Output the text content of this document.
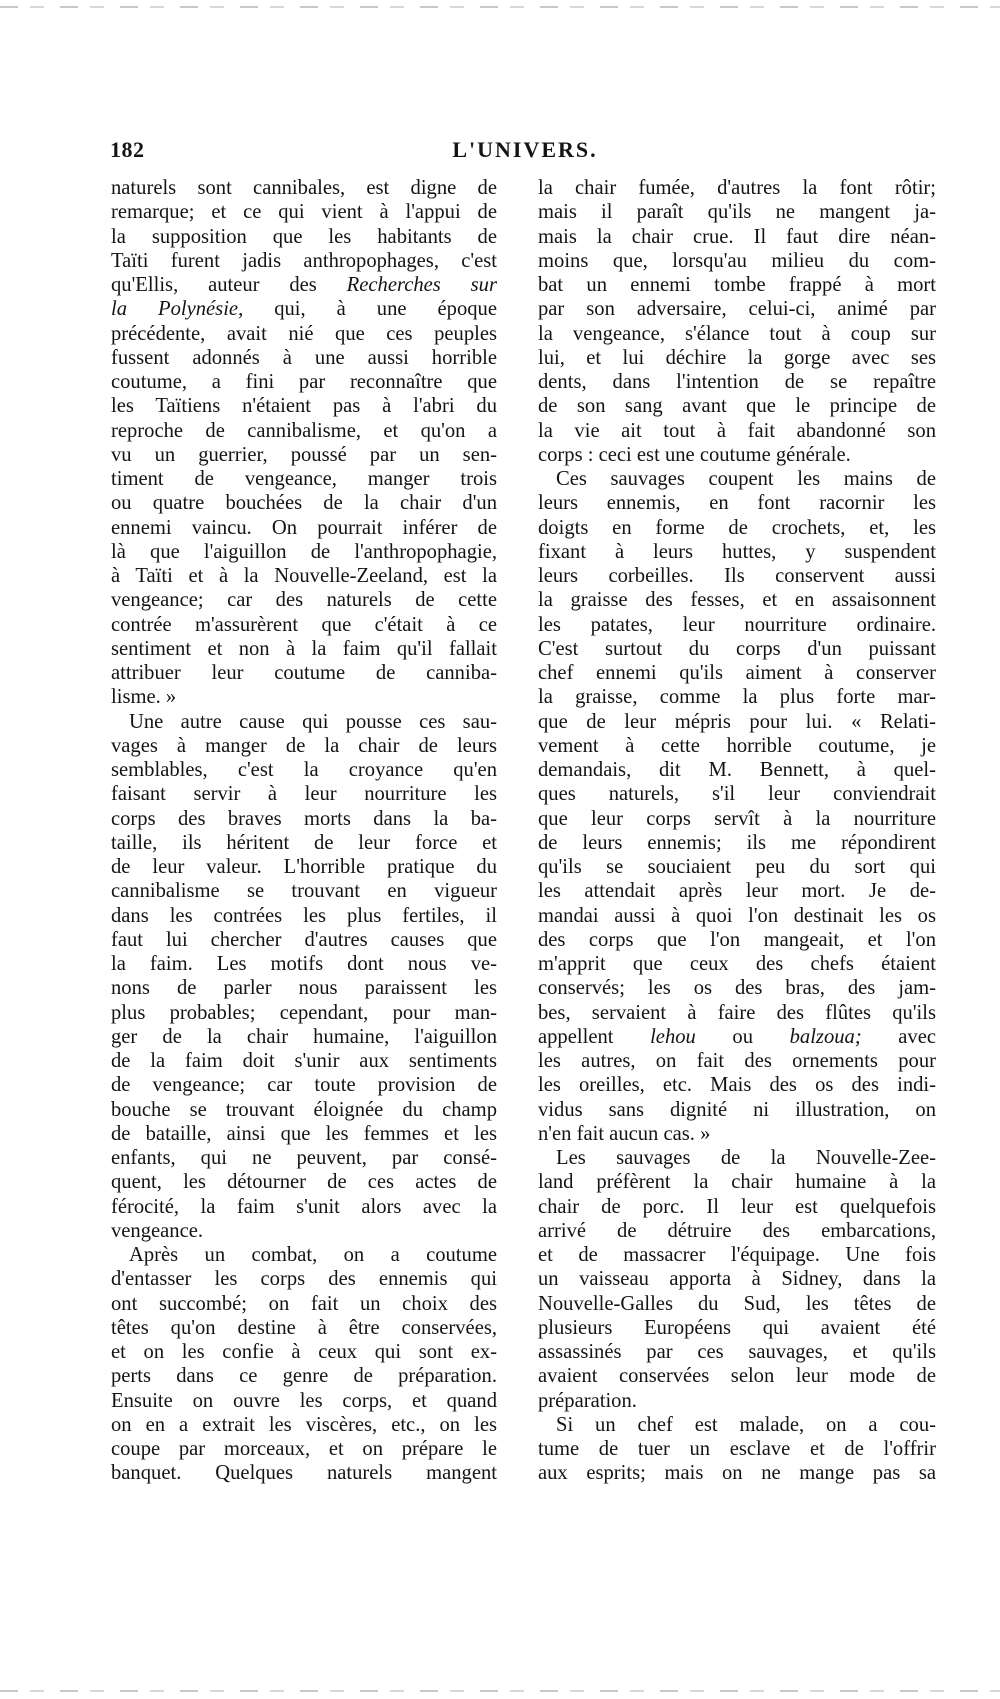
182	L'UNIVERS.
naturels sont cannibales, est digne de
remarque; et ce qui vient à l'appui de
la supposition que les habitants de
Taïti furent jadis anthropophages, c'est
qu'Ellis, auteur des Recherches sur
la Polynésie, qui, à une époque
précédente, avait nié que ces peuples
fussent adonnés à une aussi horrible
coutume, a fini par reconnaître que
les Taïtiens n'étaient pas à l'abri du
reproche de cannibalisme, et qu'on a
vu un guerrier, poussé par un sen-
timent de vengeance, manger trois
ou quatre bouchées de la chair d'un
ennemi vaincu. On pourrait inférer de
là que l'aiguillon de l'anthropophagie,
à Taïti et à la Nouvelle-Zeeland, est la
vengeance; car des naturels de cette
contrée m'assurèrent que c'était à ce
sentiment et non à la faim qu'il fallait
attribuer leur coutume de canniba-
lisme. »
Une autre cause qui pousse ces sau-
vages à manger de la chair de leurs
semblables, c'est la croyance qu'en
faisant servir à leur nourriture les
corps des braves morts dans la ba-
taille, ils héritent de leur force et
de leur valeur. L'horrible pratique du
cannibalisme se trouvant en vigueur
dans les contrées les plus fertiles, il
faut lui chercher d'autres causes que
la faim. Les motifs dont nous ve-
nons de parler nous paraissent les
plus probables; cependant, pour man-
ger de la chair humaine, l'aiguillon
de la faim doit s'unir aux sentiments
de vengeance; car toute provision de
bouche se trouvant éloignée du champ
de bataille, ainsi que les femmes et les
enfants, qui ne peuvent, par consé-
quent, les détourner de ces actes de
férocité, la faim s'unit alors avec la
vengeance.
Après un combat, on a coutume
d'entasser les corps des ennemis qui
ont succombé; on fait un choix des
têtes qu'on destine à être conservées,
et on les confie à ceux qui sont ex-
perts dans ce genre de préparation.
Ensuite on ouvre les corps, et quand
on en a extrait les viscères, etc., on les
coupe par morceaux, et on prépare le
banquet. Quelques naturels mangent
la chair fumée, d'autres la font rôtir;
mais il paraît qu'ils ne mangent ja-
mais la chair crue. Il faut dire néan-
moins que, lorsqu'au milieu du com-
bat un ennemi tombe frappé à mort
par son adversaire, celui-ci, animé par
la vengeance, s'élance tout à coup sur
lui, et lui déchire la gorge avec ses
dents, dans l'intention de se repaître
de son sang avant que le principe de
la vie ait tout à fait abandonné son
corps : ceci est une coutume générale.
Ces sauvages coupent les mains de
leurs ennemis, en font racornir les
doigts en forme de crochets, et, les
fixant à leurs huttes, y suspendent
leurs corbeilles. Ils conservent aussi
la graisse des fesses, et en assaisonnent
les patates, leur nourriture ordinaire.
C'est surtout du corps d'un puissant
chef ennemi qu'ils aiment à conserver
la graisse, comme la plus forte mar-
que de leur mépris pour lui. « Relati-
vement à cette horrible coutume, je
demandais, dit M. Bennett, à quel-
ques naturels, s'il leur conviendrait
que leur corps servît à la nourriture
de leurs ennemis; ils me répondirent
qu'ils se souciaient peu du sort qui
les attendait après leur mort. Je de-
mandai aussi à quoi l'on destinait les os
des corps que l'on mangeait, et l'on
m'apprit que ceux des chefs étaient
conservés; les os des bras, des jam-
bes, servaient à faire des flûtes qu'ils
appellent lehou ou balzoua; avec
les autres, on fait des ornements pour
les oreilles, etc. Mais des os des indi-
vidus sans dignité ni illustration, on
n'en fait aucun cas. »
Les sauvages de la Nouvelle-Zee-
land préfèrent la chair humaine à la
chair de porc. Il leur est quelquefois
arrivé de détruire des embarcations,
et de massacrer l'équipage. Une fois
un vaisseau apporta à Sidney, dans la
Nouvelle-Galles du Sud, les têtes de
plusieurs Européens qui avaient été
assassinés par ces sauvages, et qu'ils
avaient conservées selon leur mode de
préparation.
Si un chef est malade, on a cou-
tume de tuer un esclave et de l'offrir
aux esprits; mais on ne mange pas sa
